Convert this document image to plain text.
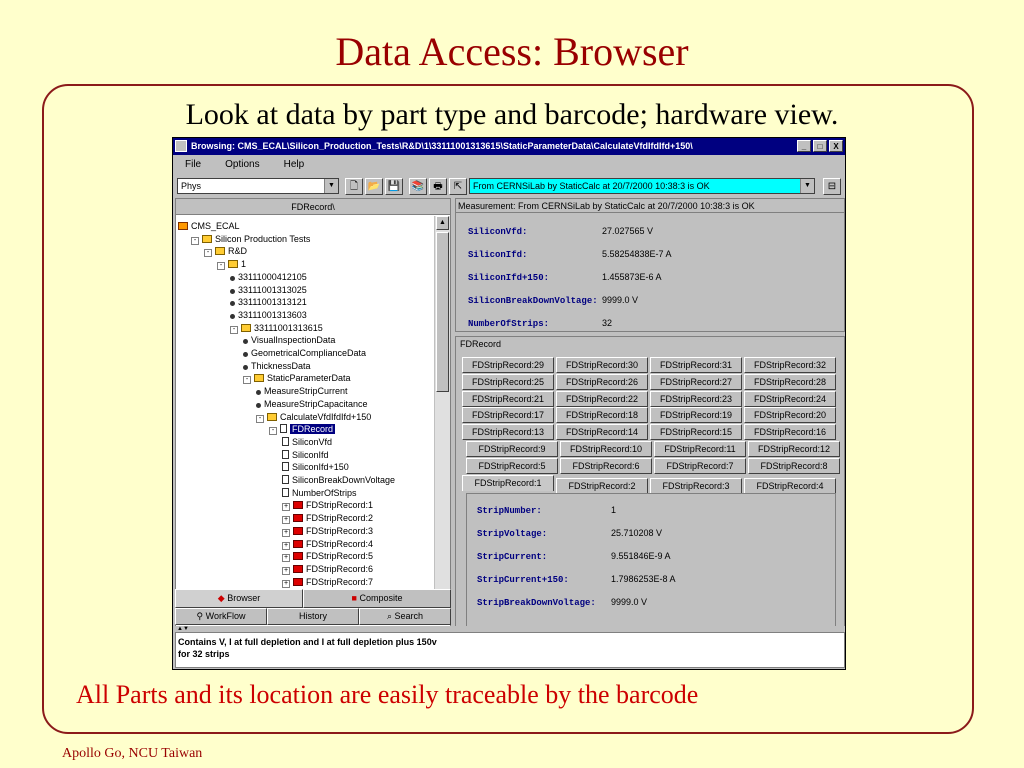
Data Access: Browser
Look at data by part type and barcode; hardware view.
Browsing: CMS_ECAL\Silicon_Production_Tests\R&D\1\33111001313615\StaticParameterData\CalculateVfdIfdIfd+150\	_	□	X
File	Options	Help
Phys	▼	🗋 📂 💾 📚 🖶	⇱	From CERNSiLab by StaticCalc at 20/7/2000 10:38:3 is OK	▼	⊟
FDRecord\
CMS_ECAL
- Silicon Production Tests
- R&D
- 1
33111000412105
33111001313025
33111001313121
33111001313603
- 33111001313615
VisualInspectionData
GeometricalComplianceData
ThicknessData
- StaticParameterData
MeasureStripCurrent
MeasureStripCapacitance
- CalculateVfdIfdIfd+150
- FDRecord
SiliconVfd
SiliconIfd
SiliconIfd+150
SiliconBreakDownVoltage
NumberOfStrips
+ FDStripRecord:1
+ FDStripRecord:2
+ FDStripRecord:3
+ FDStripRecord:4
+ FDStripRecord:5
+ FDStripRecord:6
+ FDStripRecord:7
▲
◆ Browser	■ Composite
⚲ WorkFlow	History	⌕ Search
Measurement: From CERNSiLab by StaticCalc at 20/7/2000 10:38:3 is OK
SiliconVfd:	27.027565 V
SiliconIfd:	5.58254838E-7 A
SiliconIfd+150:	1.455873E-6 A
SiliconBreakDownVoltage: 9999.0 V
NumberOfStrips:	32
FDRecord
FDStripRecord:29	FDStripRecord:30	FDStripRecord:31	FDStripRecord:32
FDStripRecord:25	FDStripRecord:26	FDStripRecord:27	FDStripRecord:28
FDStripRecord:21	FDStripRecord:22	FDStripRecord:23	FDStripRecord:24
FDStripRecord:17	FDStripRecord:18	FDStripRecord:19	FDStripRecord:20
FDStripRecord:13	FDStripRecord:14	FDStripRecord:15	FDStripRecord:16
FDStripRecord:9	FDStripRecord:10	FDStripRecord:11	FDStripRecord:12
FDStripRecord:5	FDStripRecord:6	FDStripRecord:7	FDStripRecord:8
FDStripRecord:1	FDStripRecord:2	FDStripRecord:3	FDStripRecord:4
StripNumber:	1
StripVoltage:	25.710208 V
StripCurrent:	9.551846E-9 A
StripCurrent+150:	1.7986253E-8 A
StripBreakDownVoltage: 9999.0 V
▲▼
Contains V, I at full depletion and I at full depletion plus 150v
for 32 strips
All Parts and its location are easily traceable by the barcode
Apollo Go, NCU Taiwan
